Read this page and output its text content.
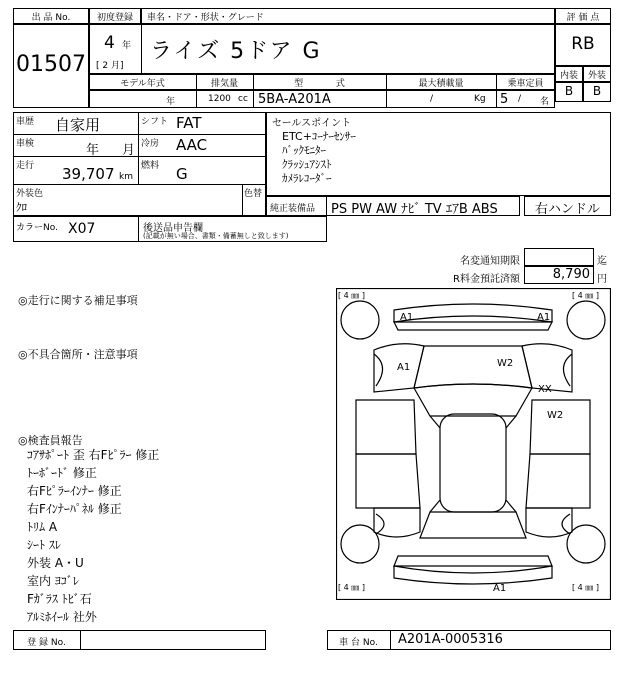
出 品 No.
01507
初度登録	車名・ドア・形状・グレード
4 年
[ 2 月]
ライズ 5ドア G
評 価 点
RB
内装	外装
B	B
モデル年式	排気量	型 式	最大積載量	乗車定員
年	1200 cc 5BA-A201A	/	Kg 5 / 名
車歴 自家用	シフト FAT
車検	年 月 冷房 AAC
走行 39,707 km
燃料 G
外装色
ｸﾛ
色替
カラーNo. X07	後送品申告欄
(記載が無い場合、書類・備蓄無しと致します)
セールスポイント
ETC+ｺｰﾅｰｾﾝｻｰ
ﾊﾞｯｸﾓﾆﾀｰ
ｸﾗｯｼｭｱｼｽﾄ
ｶﾒﾗﾚｺｰﾀﾞｰ
純正装備品 PS PW AW ﾅﾋﾞ TV ｴｱB ABS	右ハンドル
名変通知期限	迄
R料金預託済額	8,790 円
◎走行に関する補足事項
◎不具合箇所・注意事項
◎検査員報告
ｺｱｻﾎﾟｰﾄ 歪 右Fﾋﾟﾗｰ 修正
ﾄｰﾎﾞｰﾄﾞ 修正
右Fﾋﾟﾗｰｲﾝﾅｰ 修正
右Fｲﾝﾅｰﾊﾟﾈﾙ 修正
ﾄﾘﾑ A
ｼｰﾄ ｽﾚ
外装 A・U
室内 ﾖｺﾞﾚ
Fｶﾞﾗｽ ﾄﾋﾞ石
ｱﾙﾐﾎｲｰﾙ 社外
[ 4 ㎜ ]	[ 4 ㎜ ]
[ 4 ㎜ ]	[ 4 ㎜ ]
A1	A1
A1	W2
XX
W2
A1
登 録 No.	車 台 No.	A201A-0005316
